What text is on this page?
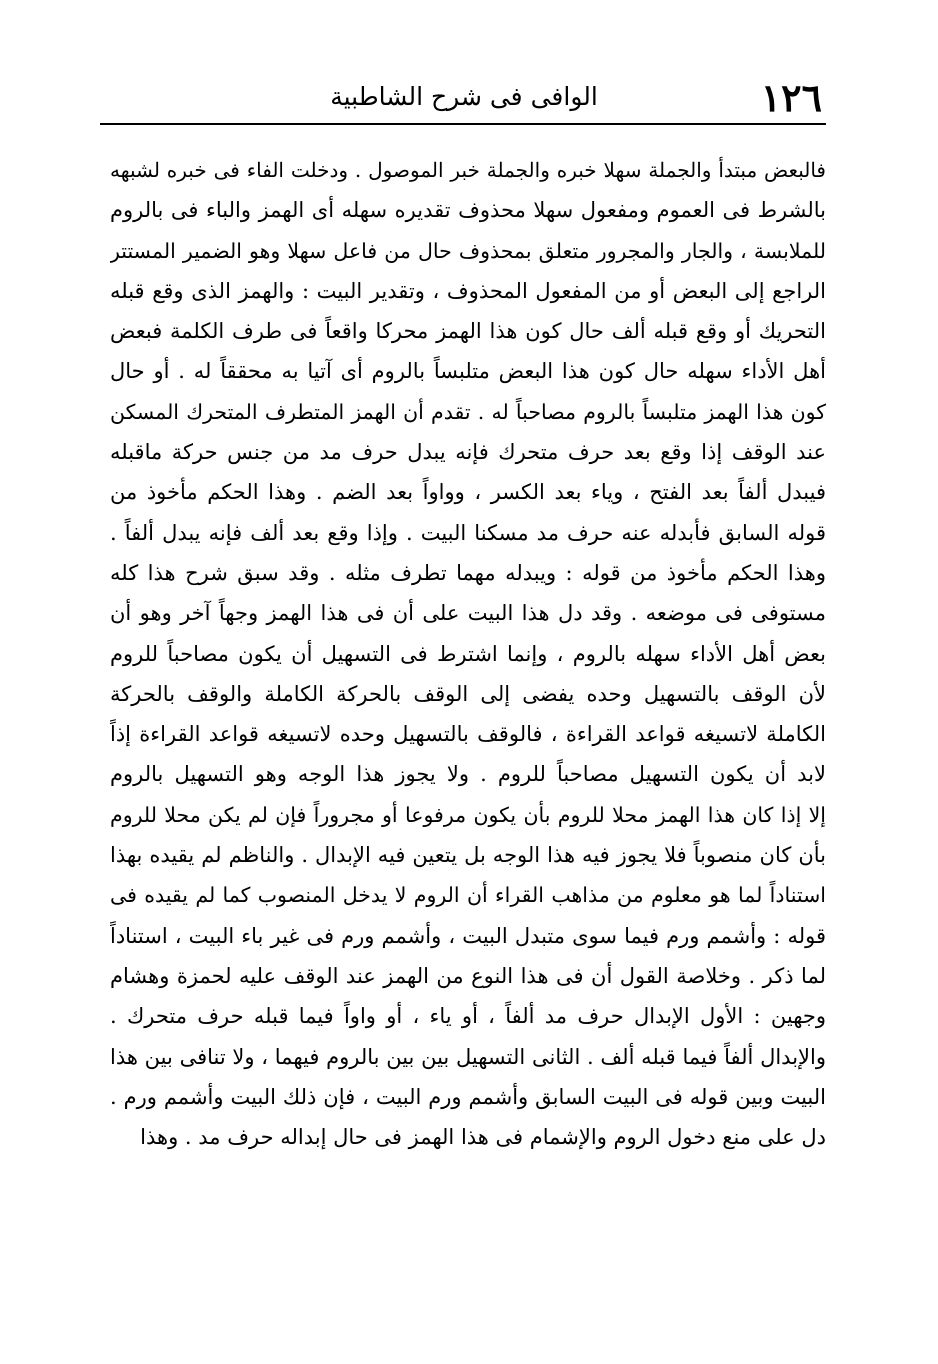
١٢٦
الوافى فى شرح الشاطبية
فالبعض مبتدأ والجملة سهلا خبره والجملة خبر الموصول . ودخلت الفاء فى خبره لشبهه
بالشرط فى العموم ومفعول سهلا محذوف تقديره سهله أى الهمز والباء فى بالروم
للملابسة ، والجار والمجرور متعلق بمحذوف حال من فاعل سهلا وهو الضمير المستتر
الراجع إلى البعض أو من المفعول المحذوف ، وتقدير البيت : والهمز الذى وقع قبله
التحريك أو وقع قبله ألف حال كون هذا الهمز محركا واقعاً فى طرف الكلمة فبعض
أهل الأداء سهله حال كون هذا البعض متلبساً بالروم أى آتيا به محققاً له . أو حال
كون هذا الهمز متلبساً بالروم مصاحباً له . تقدم أن الهمز المتطرف المتحرك المسكن
عند الوقف إذا وقع بعد حرف متحرك فإنه يبدل حرف مد من جنس حركة ماقبله
فيبدل ألفاً بعد الفتح ، وياء بعد الكسر ، وواواً بعد الضم . وهذا الحكم مأخوذ من
قوله السابق فأبدله عنه حرف مد مسكنا البيت . وإذا وقع بعد ألف فإنه يبدل ألفاً .
وهذا الحكم مأخوذ من قوله : ويبدله مهما تطرف مثله . وقد سبق شرح هذا كله
مستوفى فى موضعه . وقد دل هذا البيت على أن فى هذا الهمز وجهاً آخر وهو أن
بعض أهل الأداء سهله بالروم ، وإنما اشترط فى التسهيل أن يكون مصاحباً للروم
لأن الوقف بالتسهيل وحده يفضى إلى الوقف بالحركة الكاملة والوقف بالحركة
الكاملة لاتسيغه قواعد القراءة ، فالوقف بالتسهيل وحده لاتسيغه قواعد القراءة إذاً
لابد أن يكون التسهيل مصاحباً للروم . ولا يجوز هذا الوجه وهو التسهيل بالروم
إلا إذا كان هذا الهمز محلا للروم بأن يكون مرفوعا أو مجروراً فإن لم يكن محلا للروم
بأن كان منصوباً فلا يجوز فيه هذا الوجه بل يتعين فيه الإبدال . والناظم لم يقيده بهذا
استناداً لما هو معلوم من مذاهب القراء أن الروم لا يدخل المنصوب كما لم يقيده فى
قوله : وأشمم ورم فيما سوى متبدل البيت ، وأشمم ورم فى غير باء البيت ، استناداً
لما ذكر . وخلاصة القول أن فى هذا النوع من الهمز عند الوقف عليه لحمزة وهشام
وجهين : الأول الإبدال حرف مد ألفاً ، أو ياء ، أو واواً فيما قبله حرف متحرك .
والإبدال ألفاً فيما قبله ألف . الثانى التسهيل بين بين بالروم فيهما ، ولا تنافى بين هذا
البيت وبين قوله فى البيت السابق وأشمم ورم البيت ، فإن ذلك البيت وأشمم ورم .
دل على منع دخول الروم والإشمام فى هذا الهمز فى حال إبداله حرف مد . وهذا
